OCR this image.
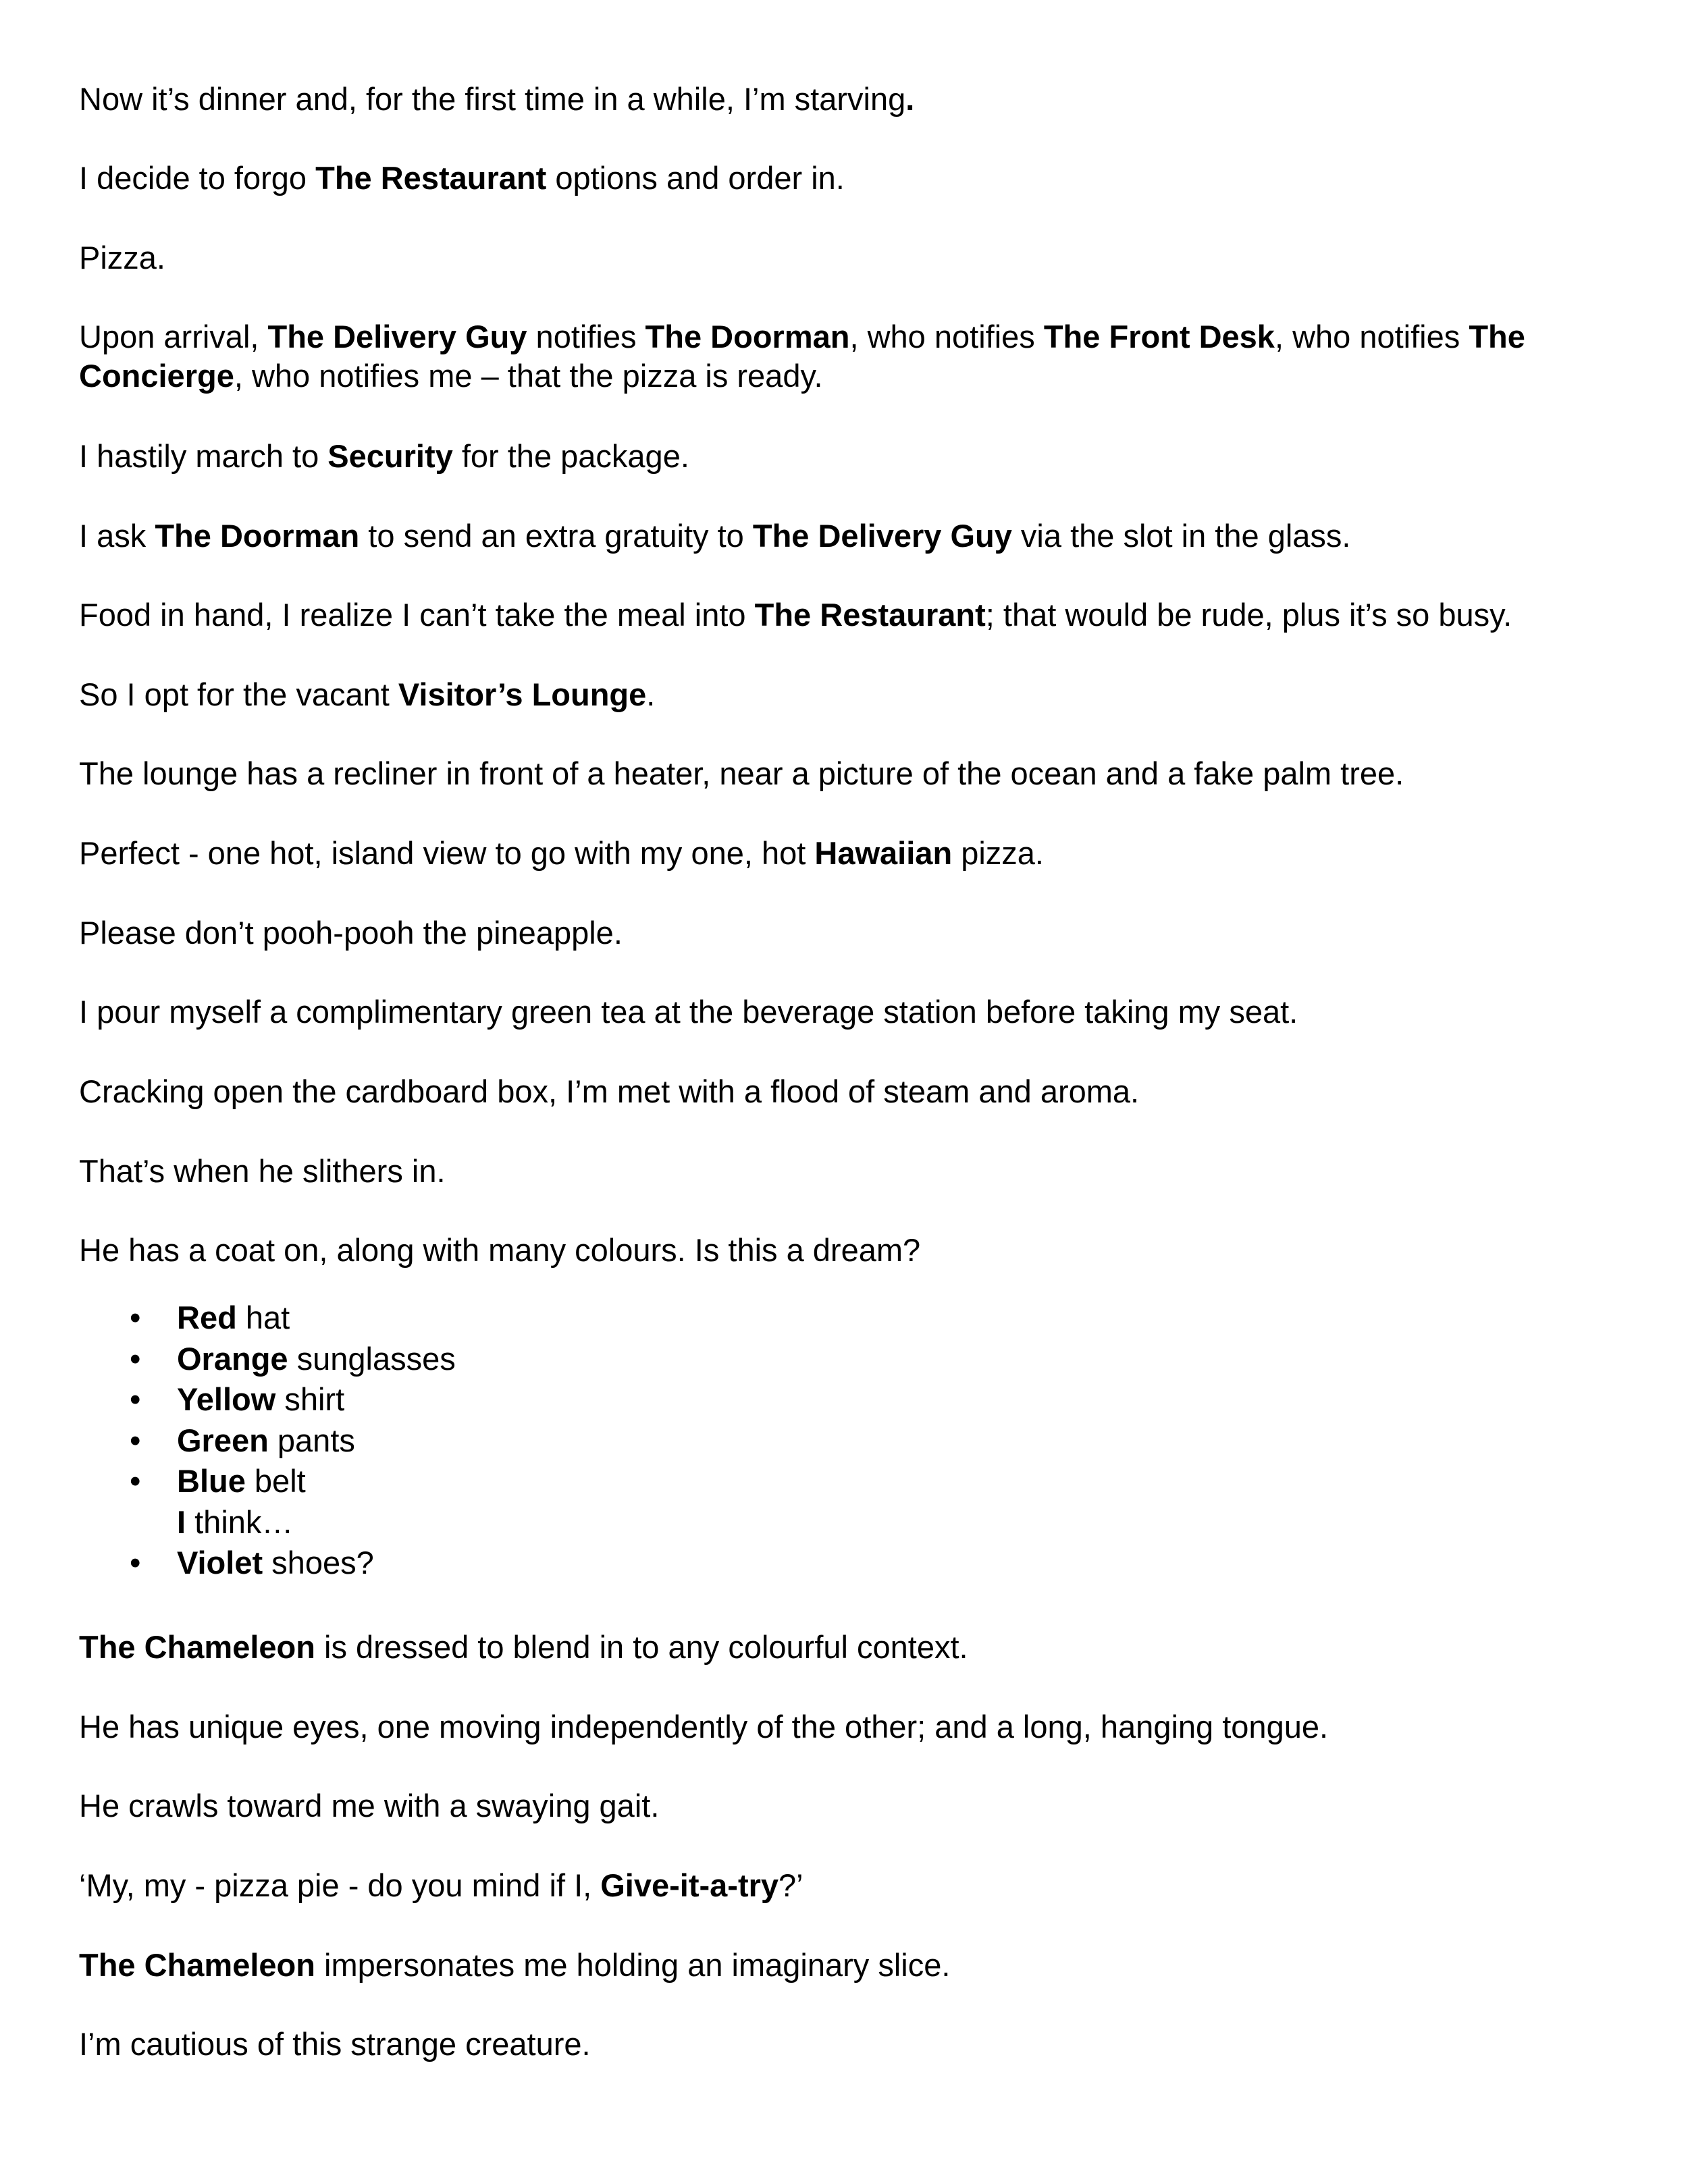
Now it’s dinner and, for the first time in a while, I’m starving.

I decide to forgo The Restaurant options and order in.

Pizza.

Upon arrival, The Delivery Guy notifies The Doorman, who notifies The Front Desk, who notifies The Concierge, who notifies me – that the pizza is ready.

I hastily march to Security for the package.

I ask The Doorman to send an extra gratuity to The Delivery Guy via the slot in the glass.

Food in hand, I realize I can’t take the meal into The Restaurant; that would be rude, plus it’s so busy.

So I opt for the vacant Visitor’s Lounge.

The lounge has a recliner in front of a heater, near a picture of the ocean and a fake palm tree.

Perfect - one hot, island view to go with my one, hot Hawaiian pizza.

Please don’t pooh-pooh the pineapple.

I pour myself a complimentary green tea at the beverage station before taking my seat.

Cracking open the cardboard box, I’m met with a flood of steam and aroma.

That’s when he slithers in.

He has a coat on, along with many colours. Is this a dream?

• Red hat
• Orange sunglasses
• Yellow shirt
• Green pants
• Blue belt
I think…
• Violet shoes?

The Chameleon is dressed to blend in to any colourful context.

He has unique eyes, one moving independently of the other; and a long, hanging tongue.

He crawls toward me with a swaying gait.

‘My, my - pizza pie - do you mind if I, Give-it-a-try?’

The Chameleon impersonates me holding an imaginary slice.

I’m cautious of this strange creature.
